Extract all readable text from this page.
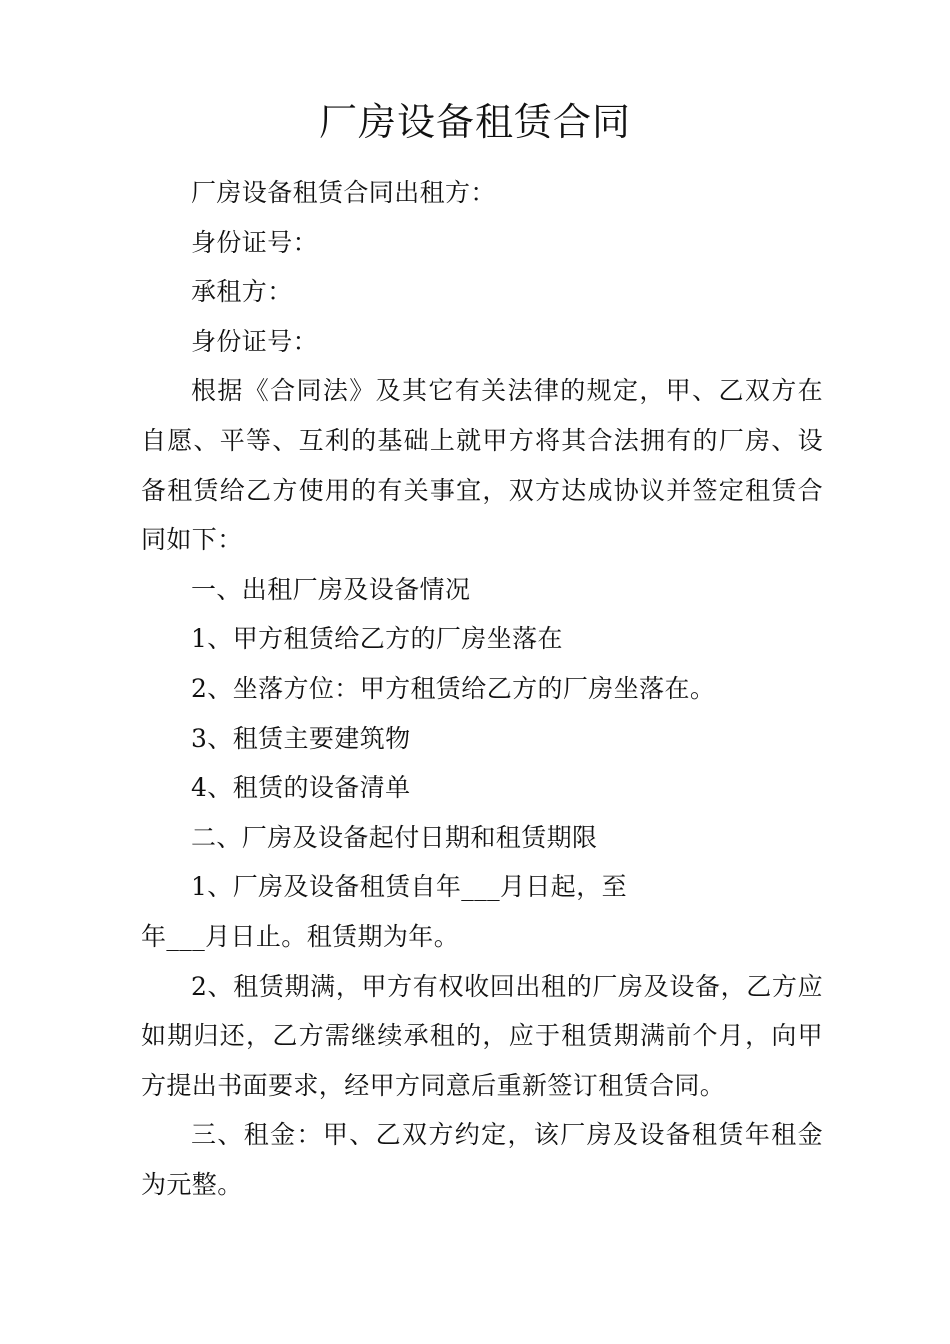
厂房设备租赁合同

厂房设备租赁合同出租方：

身份证号：

承租方：

身份证号：

根据《合同法》及其它有关法律的规定，甲、乙双方在自愿、平等、互利的基础上就甲方将其合法拥有的厂房、设备租赁给乙方使用的有关事宜，双方达成协议并签定租赁合同如下：

一、出租厂房及设备情况

1、甲方租赁给乙方的厂房坐落在

2、坐落方位：甲方租赁给乙方的厂房坐落在。

3、租赁主要建筑物

4、租赁的设备清单

二、厂房及设备起付日期和租赁期限

1、厂房及设备租赁自年___月日起，至

年___月日止。租赁期为年。

2、租赁期满，甲方有权收回出租的厂房及设备，乙方应如期归还，乙方需继续承租的，应于租赁期满前个月，向甲方提出书面要求，经甲方同意后重新签订租赁合同。

三、租金：甲、乙双方约定，该厂房及设备租赁年租金为元整。
